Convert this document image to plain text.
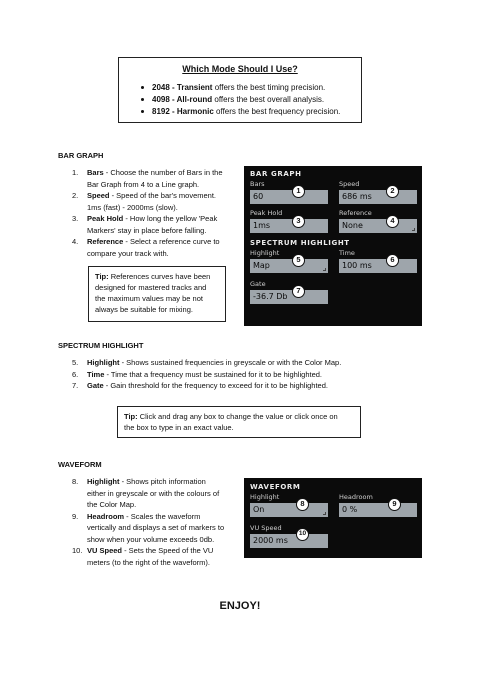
Which Mode Should I Use?
2048 - Transient offers the best timing precision.
4098 - All-round offers the best overall analysis.
8192 - Harmonic offers the best frequency precision.
BAR GRAPH
1. Bars - Choose the number of Bars in the
Bar Graph from 4 to a Line graph.
2. Speed - Speed of the bar's movement.
1ms (fast) - 2000ms (slow).
3. Peak Hold - How long the yellow 'Peak
Markers' stay in place before falling.
4. Reference - Select a reference curve to
compare your track with.
Tip: References curves have been
designed for mastered tracks and
the maximum values may be not
always be suitable for mixing.
BAR GRAPH
Bars
60
Speed
686 ms
Peak Hold
1ms
Reference
None
SPECTRUM HIGHLIGHT
Highlight
Map
Time
100 ms
Gate
-36.7 Db
1	2
3	4
5	6
7
SPECTRUM HIGHLIGHT
5. Highlight - Shows sustained frequencies in greyscale or with the Color Map.
6. Time - Time that a frequency must be sustained for it to be highlighted.
7. Gate - Gain threshold for the frequency to exceed for it to be highlighted.
Tip: Click and drag any box to change the value or click once on
the box to type in an exact value.
WAVEFORM
8. Highlight - Shows pitch information
either in greyscale or with the colours of
the Color Map.
9. Headroom - Scales the waveform
vertically and displays a set of markers to
show when your volume exceeds 0db.
10. VU Speed - Sets the Speed of the VU
meters (to the right of the waveform).
WAVEFORM
Highlight
On
Headroom
0 %
VU Speed
2000 ms
8	9
10
ENJOY!
